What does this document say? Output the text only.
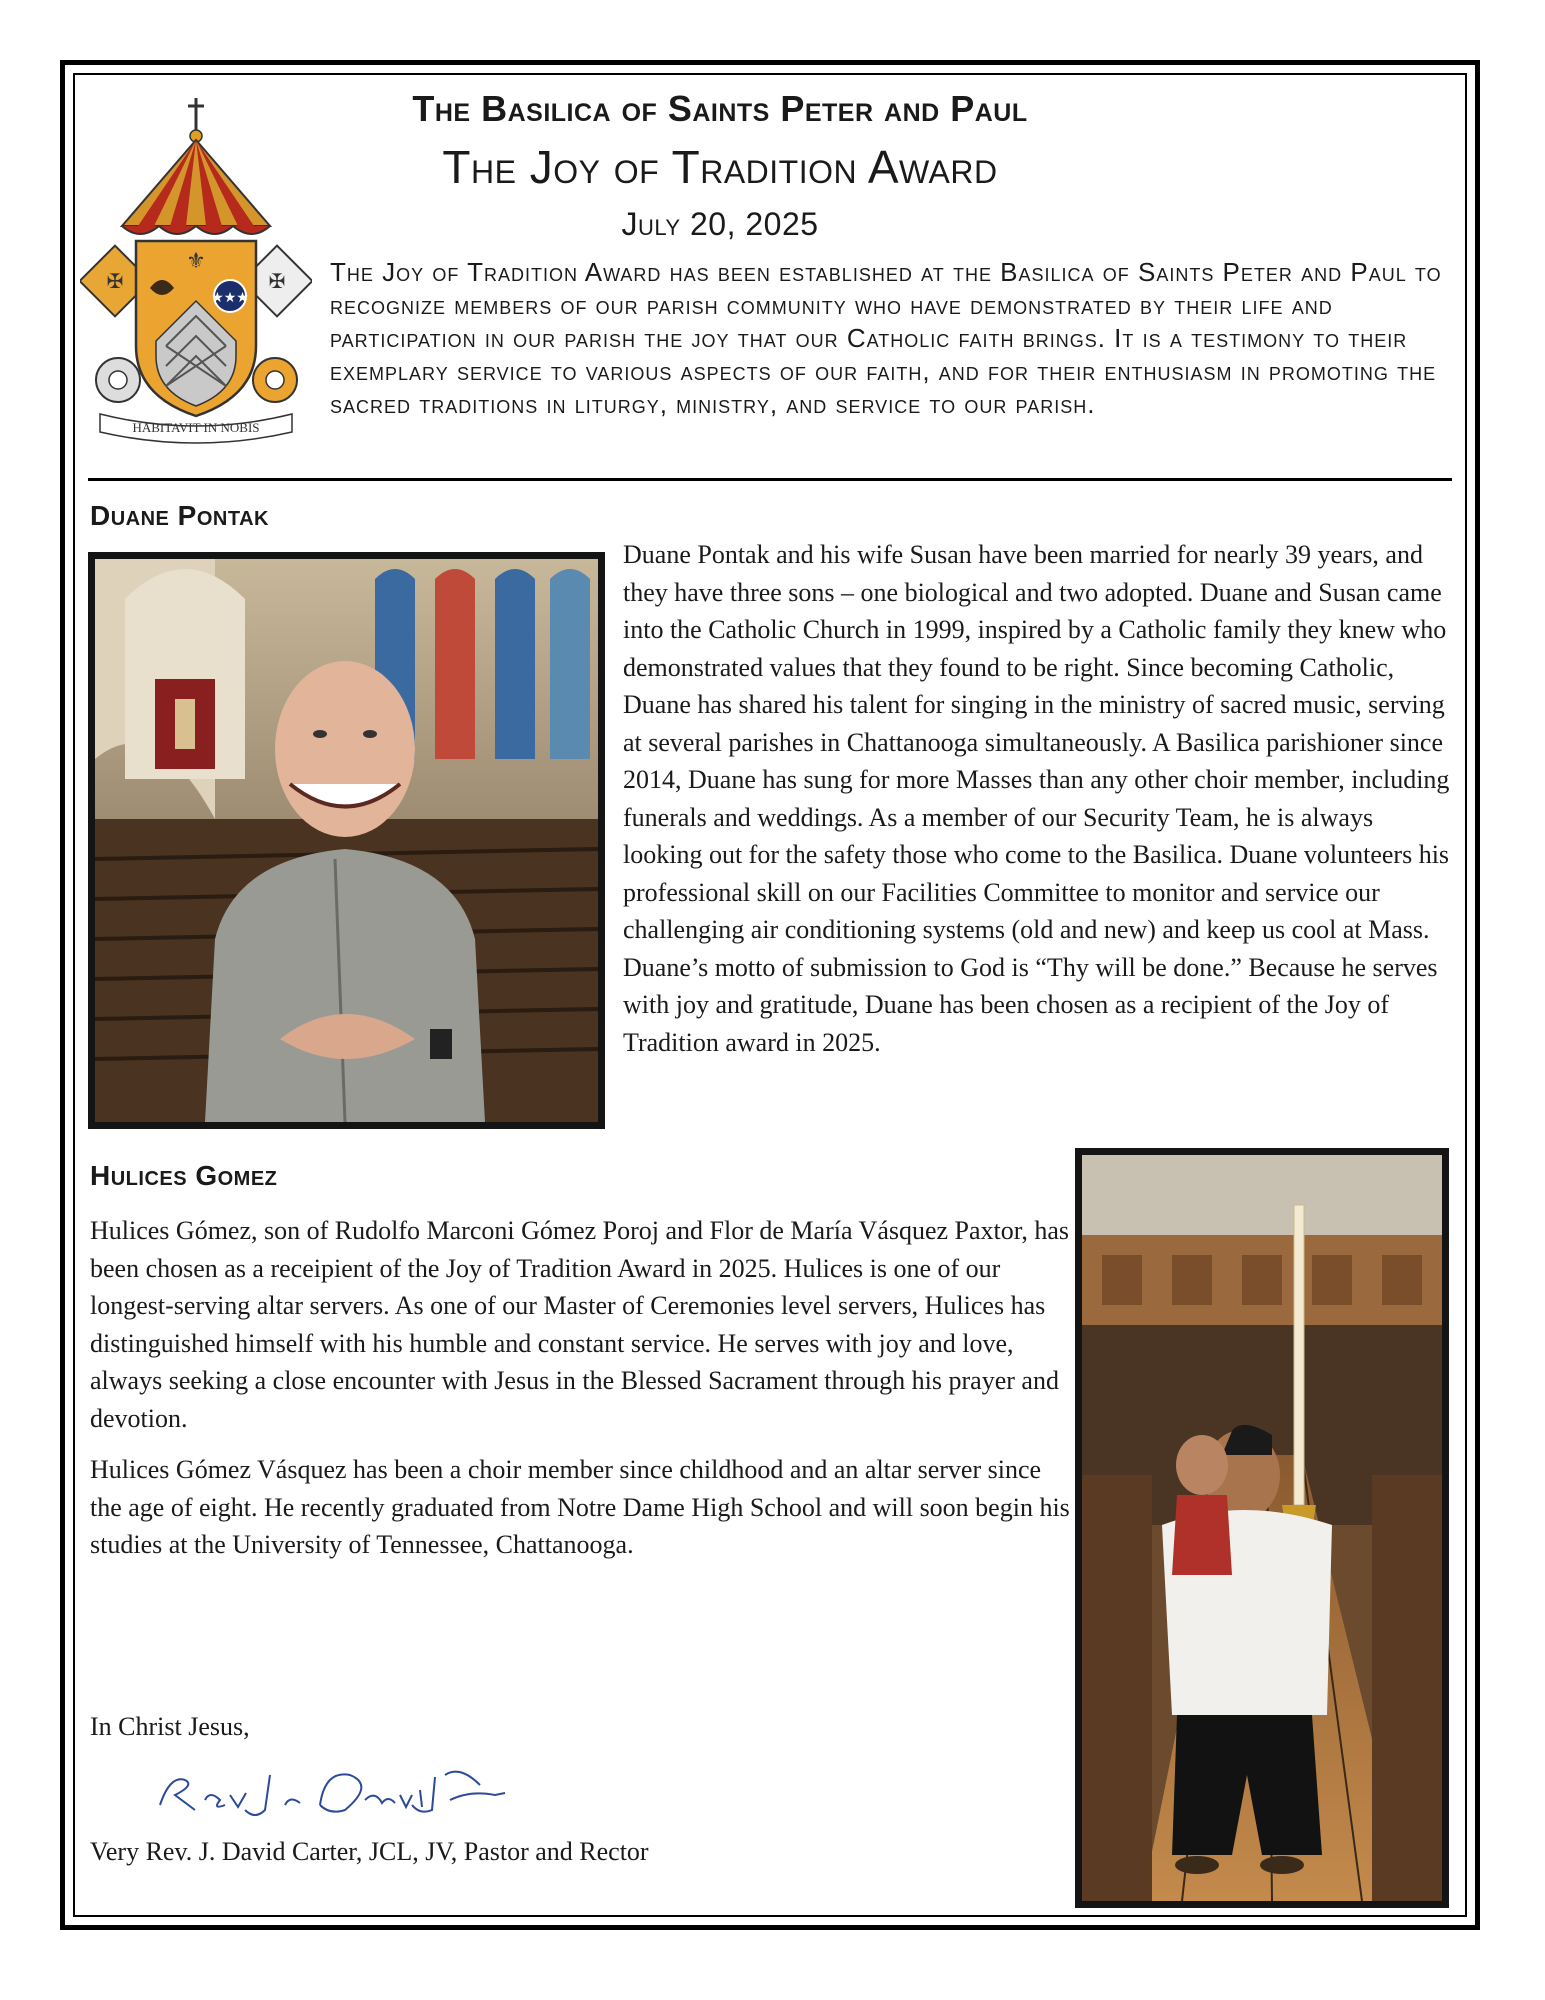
✠	✠
⚜
★★★
HABITAVIT IN NOBIS
The Basilica of Saints Peter and Paul
The Joy of Tradition Award
July 20, 2025
The Joy of Tradition Award has been established at the Basilica of Saints Peter and Paul to recognize members of our parish community who have demonstrated by their life and participation in our parish the joy that our Catholic faith brings. It is a testimony to their exemplary service to various aspects of our faith, and for their enthusiasm in promoting the sacred traditions in liturgy, ministry, and service to our parish.
Duane Pontak

Duane Pontak and his wife Susan have been married for nearly 39 years, and they have three sons – one biological and two adopted. Duane and Susan came into the Catholic Church in 1999, inspired by a Catholic family they knew who demonstrated values that they found to be right. Since becoming Catholic, Duane has shared his talent for singing in the ministry of sacred music, serving at several parishes in Chattanooga simultaneously. A Basilica parishioner since 2014, Duane has sung for more Masses than any other choir member, including funerals and weddings. As a member of our Security Team, he is always looking out for the safety those who come to the Basilica. Duane volunteers his professional skill on our Facilities Committee to monitor and service our challenging air conditioning systems (old and new) and keep us cool at Mass. Duane’s motto of submission to God is “Thy will be done.” Because he serves with joy and gratitude, Duane has been chosen as a recipient of the Joy of Tradition award in 2025.

Hulices Gomez

Hulices Gómez, son of Rudolfo Marconi Gómez Poroj and Flor de María Vásquez Paxtor, has been chosen as a receipient of the Joy of Tradition Award in 2025. Hulices is one of our longest-serving altar servers. As one of our Master of Ceremonies level servers, Hulices has distinguished himself with his humble and constant service. He serves with joy and love, always seeking a close encounter with Jesus in the Blessed Sacrament through his prayer and devotion.

Hulices Gómez Vásquez has been a choir member since childhood and an altar server since the age of eight. He recently graduated from Notre Dame High School and will soon begin his studies at the University of Tennessee, Chattanooga.

In Christ Jesus,
Very Rev. J. David Carter, JCL, JV, Pastor and Rector
